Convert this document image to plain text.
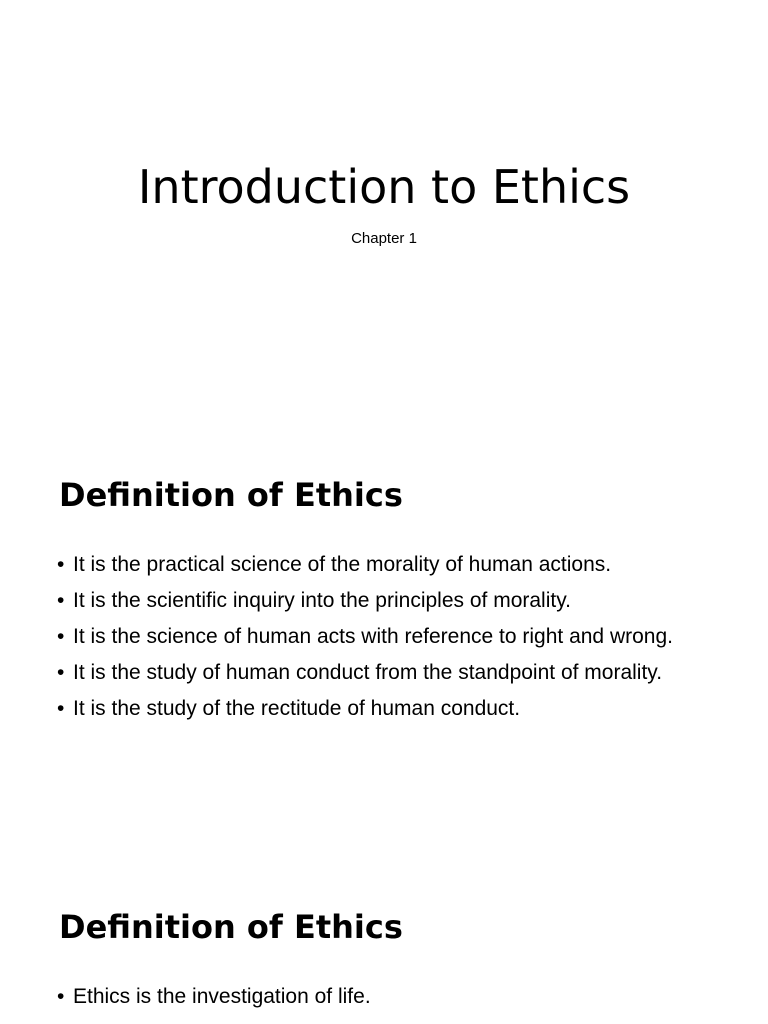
Introduction to Ethics
Chapter 1
Definition of Ethics
• It is the practical science of the morality of human actions.
• It is the scientific inquiry into the principles of morality.
• It is the science of human acts with reference to right and wrong.
• It is the study of human conduct from the standpoint of morality.
• It is the study of the rectitude of human conduct.
Definition of Ethics
• Ethics is the investigation of life.
